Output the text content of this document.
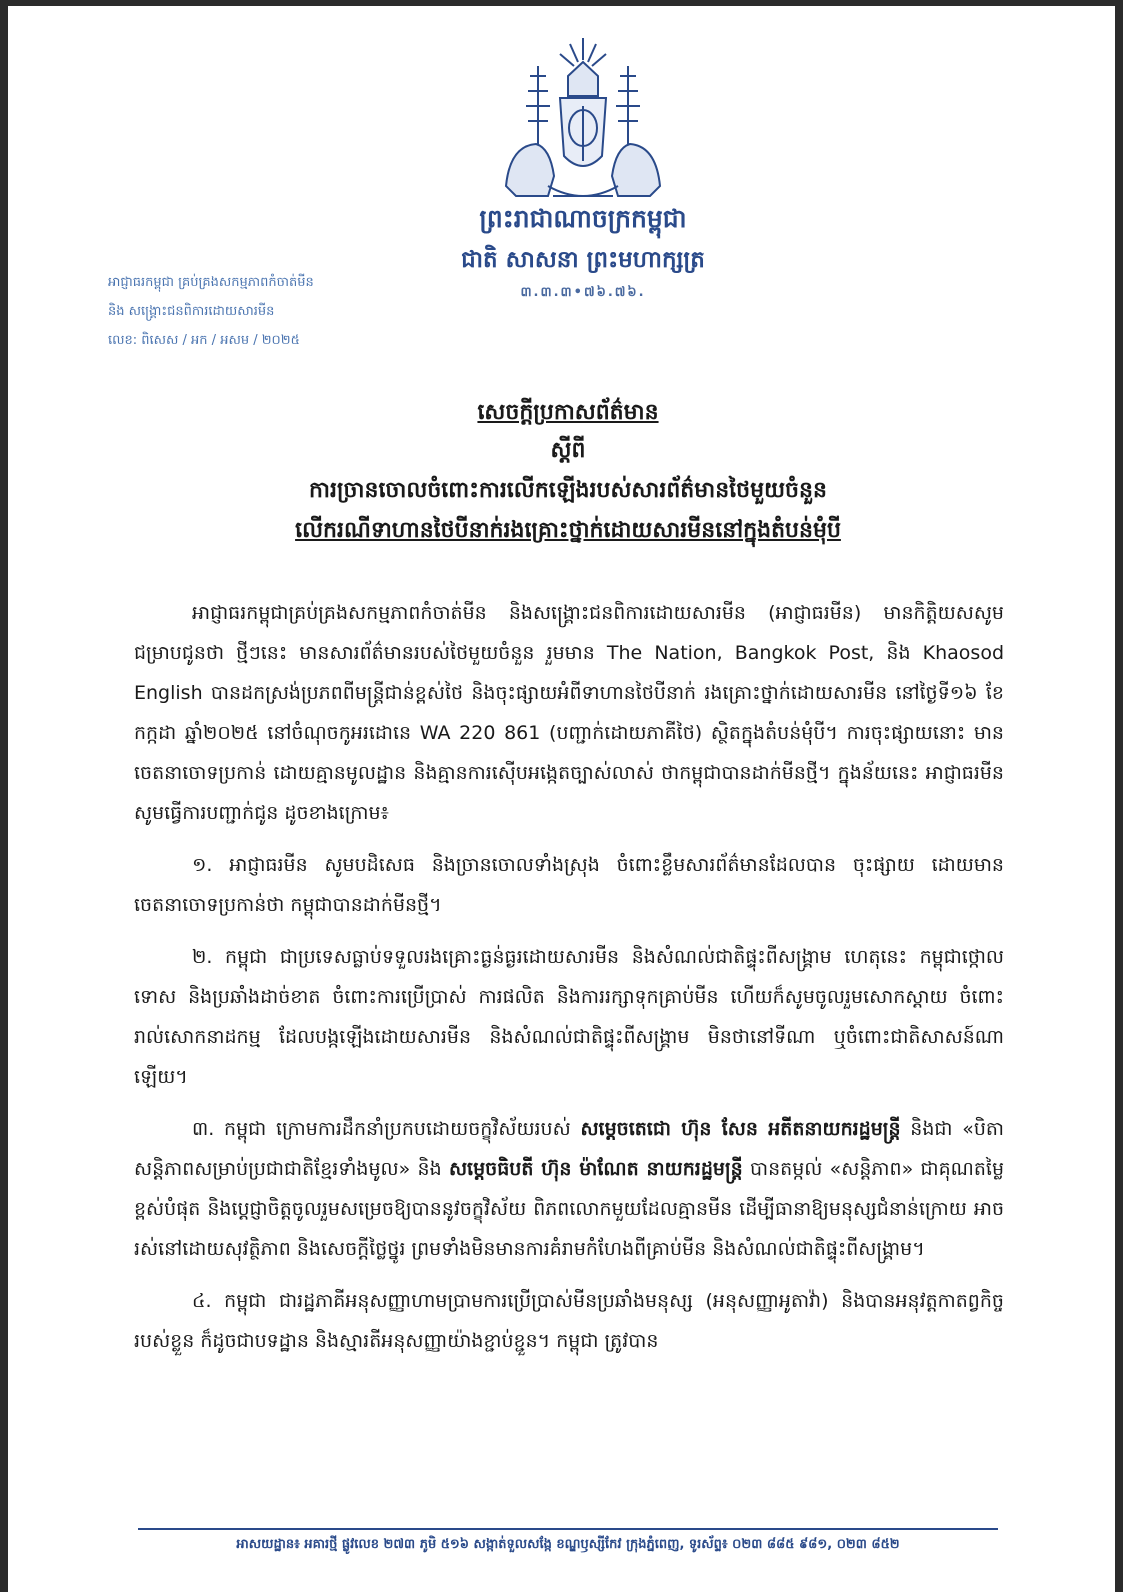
ព្រះរាជាណាចក្រកម្ពុជា
ជាតិ សាសនា ព្រះមហាក្សត្រ
៣.៣.៣•៧៦.៧៦.
អាជ្ញាធរកម្ពុជា គ្រប់គ្រងសកម្មភាពកំចាត់មីន
និង សង្គ្រោះជនពិការដោយសារមីន
លេខ: ពិសេស / អក / អសម / ២០២៥
សេចក្តីប្រកាសព័ត៌មាន
ស្តីពី
ការច្រានចោលចំពោះការលើកឡើងរបស់សារព័ត៌មានថៃមួយចំនួន
លើករណីទាហានថៃបីនាក់រងគ្រោះថ្នាក់ដោយសារមីននៅក្នុងតំបន់មុំបី

អាជ្ញាធរកម្ពុជាគ្រប់គ្រងសកម្មភាពកំចាត់មីន និងសង្គ្រោះជនពិការដោយសារមីន (អាជ្ញាធរមីន) មានកិត្តិយសសូមជម្រាបជូនថា ថ្មីៗនេះ មានសារព័ត៌មានរបស់ថៃមួយចំនួន រួមមាន The Nation, Bangkok Post, និង Khaosod English បានដកស្រង់ប្រភពពីមន្ត្រីជាន់ខ្ពស់ថៃ និងចុះផ្សាយអំពីទាហានថៃបីនាក់ រងគ្រោះថ្នាក់ដោយសារមីន នៅថ្ងៃទី១៦ ខែកក្កដា ឆ្នាំ២០២៥ នៅចំណុចកូអរដោនេ WA 220 861 (បញ្ជាក់ដោយភាគីថៃ) ស្ថិតក្នុងតំបន់មុំបី។ ការចុះផ្សាយនោះ មានចេតនាចោទប្រកាន់ ដោយគ្មានមូលដ្ឋាន និងគ្មានការស៊ើបអង្កេតច្បាស់លាស់ ថាកម្ពុជាបានដាក់មីនថ្មី។ ក្នុងន័យនេះ អាជ្ញាធរមីន សូមធ្វើការបញ្ជាក់ជូន ដូចខាងក្រោម៖

១. អាជ្ញាធរមីន សូមបដិសេធ និងច្រានចោលទាំងស្រុង ចំពោះខ្លឹមសារព័ត៌មានដែលបាន ចុះផ្សាយ ដោយមានចេតនាចោទប្រកាន់ថា កម្ពុជាបានដាក់មីនថ្មី។

២. កម្ពុជា ជាប្រទេសធ្លាប់ទទួលរងគ្រោះធ្ងន់ធ្ងរដោយសារមីន និងសំណល់ជាតិផ្ទុះពីសង្គ្រាម ហេតុនេះ កម្ពុជាថ្កោលទោស និងប្រឆាំងដាច់ខាត ចំពោះការប្រើប្រាស់ ការផលិត និងការរក្សាទុកគ្រាប់មីន ហើយក៏សូមចូលរួមសោកស្តាយ ចំពោះរាល់សោកនាដកម្ម ដែលបង្កឡើងដោយសារមីន និងសំណល់ជាតិផ្ទុះពីសង្គ្រាម មិនថានៅទីណា ឬចំពោះជាតិសាសន៍ណាឡើយ។

៣. កម្ពុជា ក្រោមការដឹកនាំប្រកបដោយចក្ខុវិស័យរបស់ សម្តេចតេជោ ហ៊ុន សែន អតីតនាយករដ្ឋមន្ត្រី និងជា «បិតាសន្តិភាពសម្រាប់ប្រជាជាតិខ្មែរទាំងមូល» និង សម្តេចធិបតី ហ៊ុន ម៉ាណែត នាយករដ្ឋមន្ត្រី បានតម្កល់ «សន្តិភាព» ជាគុណតម្លៃខ្ពស់បំផុត និងប្តេជ្ញាចិត្តចូលរួមសម្រេចឱ្យបាននូវចក្ខុវិស័យ ពិភពលោកមួយដែលគ្មានមីន ដើម្បីធានាឱ្យមនុស្សជំនាន់ក្រោយ អាចរស់នៅដោយសុវត្ថិភាព និងសេចក្តីថ្លៃថ្នូរ ព្រមទាំងមិនមានការគំរាមកំហែងពីគ្រាប់មីន និងសំណល់ជាតិផ្ទុះពីសង្គ្រាម។

៤. កម្ពុជា ជារដ្ឋភាគីអនុសញ្ញាហាមប្រាមការប្រើប្រាស់មីនប្រឆាំងមនុស្ស (អនុសញ្ញាអូតាវ៉ា) និងបានអនុវត្តកាតព្វកិច្ចរបស់ខ្លួន ក៏ដូចជាបទដ្ឋាន និងស្មារតីអនុសញ្ញាយ៉ាងខ្ជាប់ខ្ជួន។ កម្ពុជា ត្រូវបាន

អាសយដ្ឋាន៖ អគារថ្មី ផ្លូវលេខ ២៧៣ ភូមិ ៥១៦ សង្កាត់ទួលសង្កែ ខណ្ឌឫស្សីកែវ ក្រុងភ្នំពេញ, ទូរស័ព្ទ៖ ០២៣ ៨៨៥ ៩៨១, ០២៣ ៨៥២
